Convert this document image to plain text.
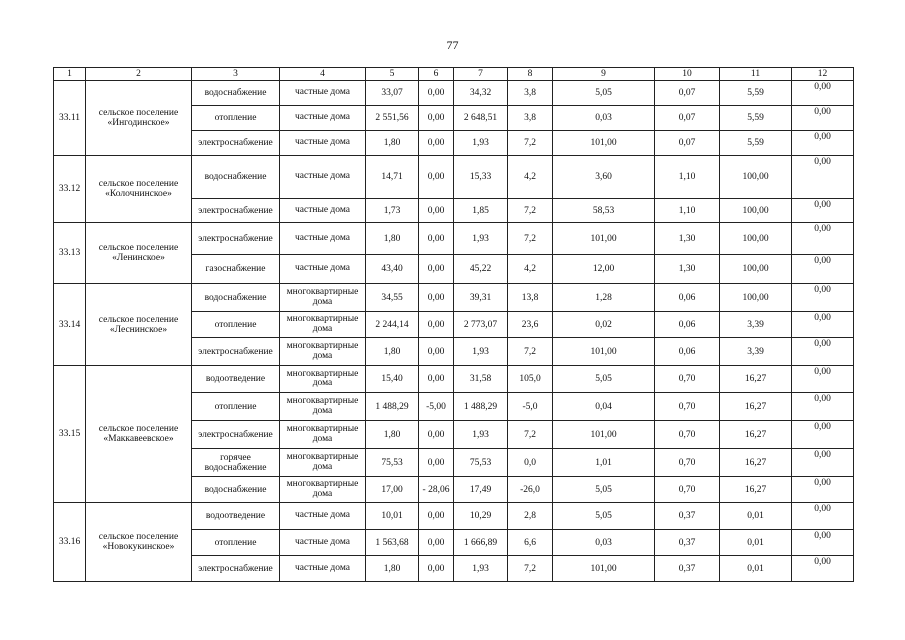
77
1	2	3	4	5	6	7	8	9	10	11	12
33.11	сельское поселение «Ингодинское»	водоснабжение	частные дома	33,07	0,00	34,32	3,8	5,05	0,07	5,59	0,00
		отопление	частные дома	2 551,56	0,00	2 648,51	3,8	0,03	0,07	5,59	0,00
		электроснабжение	частные дома	1,80	0,00	1,93	7,2	101,00	0,07	5,59	0,00
33.12	сельское поселение «Колочнинское»	водоснабжение	частные дома	14,71	0,00	15,33	4,2	3,60	1,10	100,00	0,00
		электроснабжение	частные дома	1,73	0,00	1,85	7,2	58,53	1,10	100,00	0,00
33.13	сельское поселение «Ленинское»	электроснабжение	частные дома	1,80	0,00	1,93	7,2	101,00	1,30	100,00	0,00
		газоснабжение	частные дома	43,40	0,00	45,22	4,2	12,00	1,30	100,00	0,00
33.14	сельское поселение «Леснинское»	водоснабжение	многоквартирные дома	34,55	0,00	39,31	13,8	1,28	0,06	100,00	0,00
		отопление	многоквартирные дома	2 244,14	0,00	2 773,07	23,6	0,02	0,06	3,39	0,00
		электроснабжение	многоквартирные дома	1,80	0,00	1,93	7,2	101,00	0,06	3,39	0,00
33.15	сельское поселение «Маккавеевское»	водоотведение	многоквартирные дома	15,40	0,00	31,58	105,0	5,05	0,70	16,27	0,00
		отопление	многоквартирные дома	1 488,29	-5,00	1 488,29	-5,0	0,04	0,70	16,27	0,00
		электроснабжение	многоквартирные дома	1,80	0,00	1,93	7,2	101,00	0,70	16,27	0,00
		горячее водоснабжение	многоквартирные дома	75,53	0,00	75,53	0,0	1,01	0,70	16,27	0,00
		водоснабжение	многоквартирные дома	17,00	- 28,06	17,49	-26,0	5,05	0,70	16,27	0,00
33.16	сельское поселение «Новокукинское»	водоотведение	частные дома	10,01	0,00	10,29	2,8	5,05	0,37	0,01	0,00
		отопление	частные дома	1 563,68	0,00	1 666,89	6,6	0,03	0,37	0,01	0,00
		электроснабжение	частные дома	1,80	0,00	1,93	7,2	101,00	0,37	0,01	0,00
